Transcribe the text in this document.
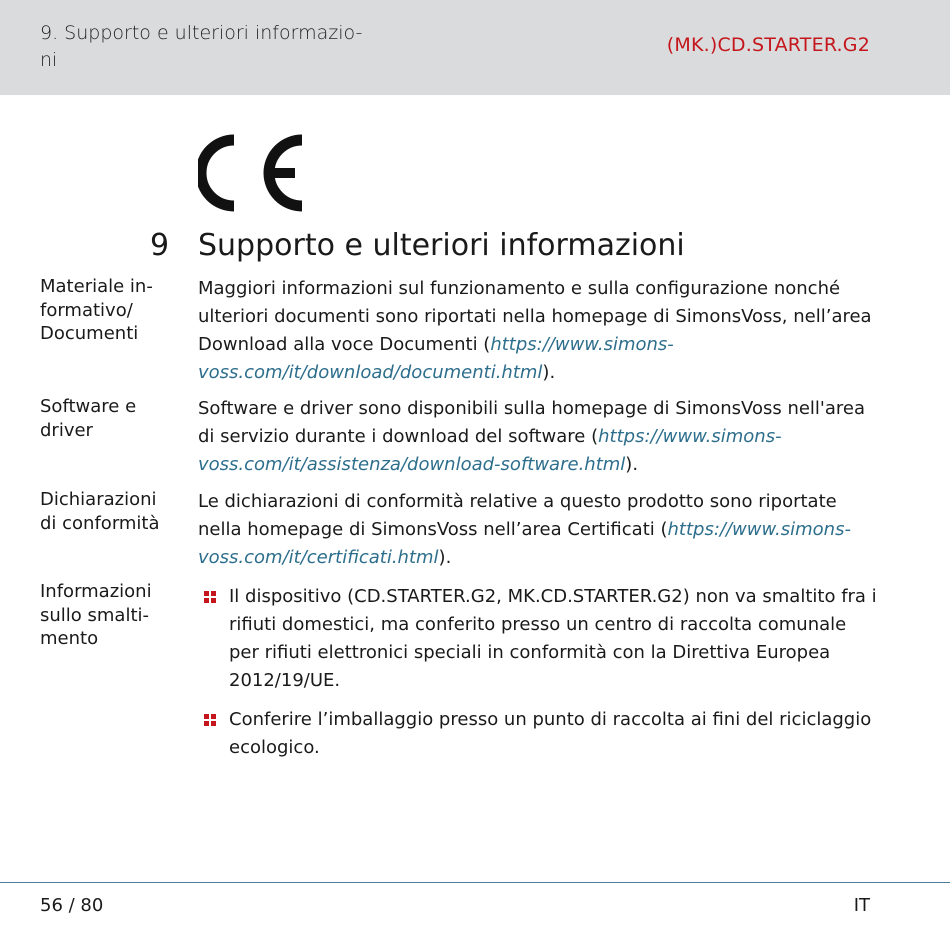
9. Supporto e ulteriori informazio-ni
(MK.)CD.STARTER.G2
9 Supporto e ulteriori informazioni
Materiale in-formativo/ Documenti
Maggiori informazioni sul funzionamento e sulla configurazione nonché ulteriori documenti sono riportati nella homepage di SimonsVoss, nell’area Download alla voce Documenti (https://www.simons-voss.com/it/download/documenti.html).
Software e driver
Software e driver sono disponibili sulla homepage di SimonsVoss nell'area di servizio durante i download del software (https://www.simons-voss.com/it/assistenza/download-software.html).
Dichiarazioni di conformità
Le dichiarazioni di conformità relative a questo prodotto sono riportate nella homepage di SimonsVoss nell’area Certificati (https://www.simons-voss.com/it/certificati.html).
Informazioni sullo smalti-mento
Il dispositivo (CD.STARTER.G2, MK.CD.STARTER.G2) non va smaltito fra i rifiuti domestici, ma conferito presso un centro di raccolta comunale per rifiuti elettronici speciali in conformità con la Direttiva Europea 2012/19/UE.
Conferire l’imballaggio presso un punto di raccolta ai fini del riciclaggio ecologico.
56 / 80	IT
